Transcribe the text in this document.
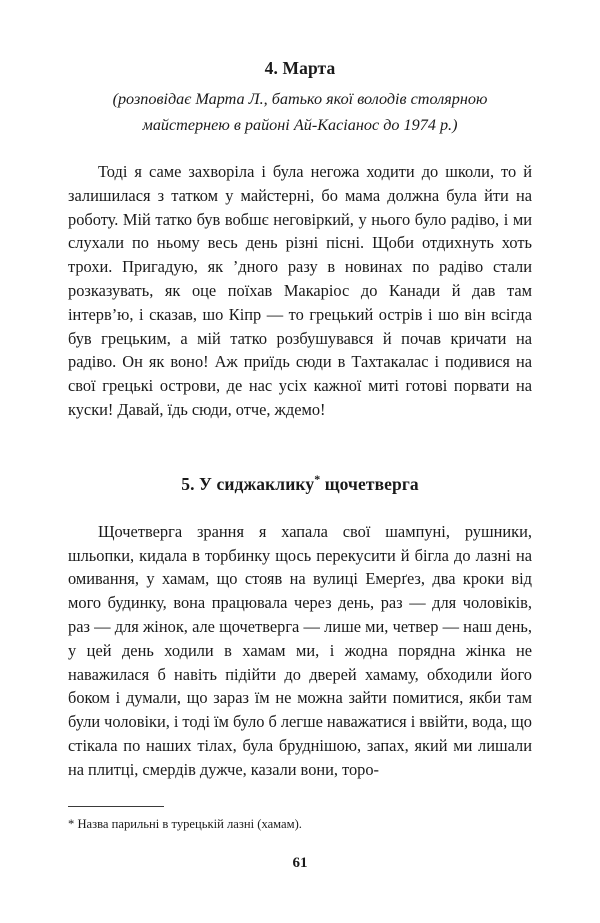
4. Марта

(розповідає Марта Л., батько якої володів столярною

майстернею в районі Ай-Касіанос до 1974 р.)

Тоді я саме захворіла і була негожа ходити до школи, то й залишилася з татком у майстерні, бо мама должна була йти на роботу. Мій татко був вобшє неговіркий, у нього було радіво, і ми слухали по ньому весь день різні пісні. Щоби отдихнуть хоть трохи. Пригадую, як ’дного разу в новинах по радіво стали розказувать, як оце поїхав Макаріос до Канади й дав там інтерв’ю, і сказав, шо Кіпр — то грецький острів і шо він всігда був грецьким, а мій татко розбушувався й почав кричати на радіво. Он як воно! Аж приїдь сюди в Тахтакалас і подивися на свої грецькі острови, де нас усіх кажної миті готові порвати на куски! Давай, їдь сюди, отче, ждемо!

5. У сиджаклику* щочетверга

Щочетверга зрання я хапала свої шампуні, рушники, шльопки, кидала в торбинку щось перекусити й бігла до лазні на омивання, у хамам, що стояв на вулиці Емерґез, два кроки від мого будинку, вона працювала через день, раз — для чоловіків, раз — для жінок, але щочетверга — лише ми, четвер — наш день, у цей день ходили в хамам ми, і жодна порядна жінка не наважилася б навіть підійти до дверей хамаму, обходили його боком і думали, що зараз їм не можна зайти помитися, якби там були чоловіки, і тоді їм було б легше наважатися і ввійти, вода, що стікала по наших тілах, була бруднішою, запах, який ми лишали на плитці, смердів дужче, казали вони, торо-

* Назва парильні в турецькій лазні (хамам).

61
